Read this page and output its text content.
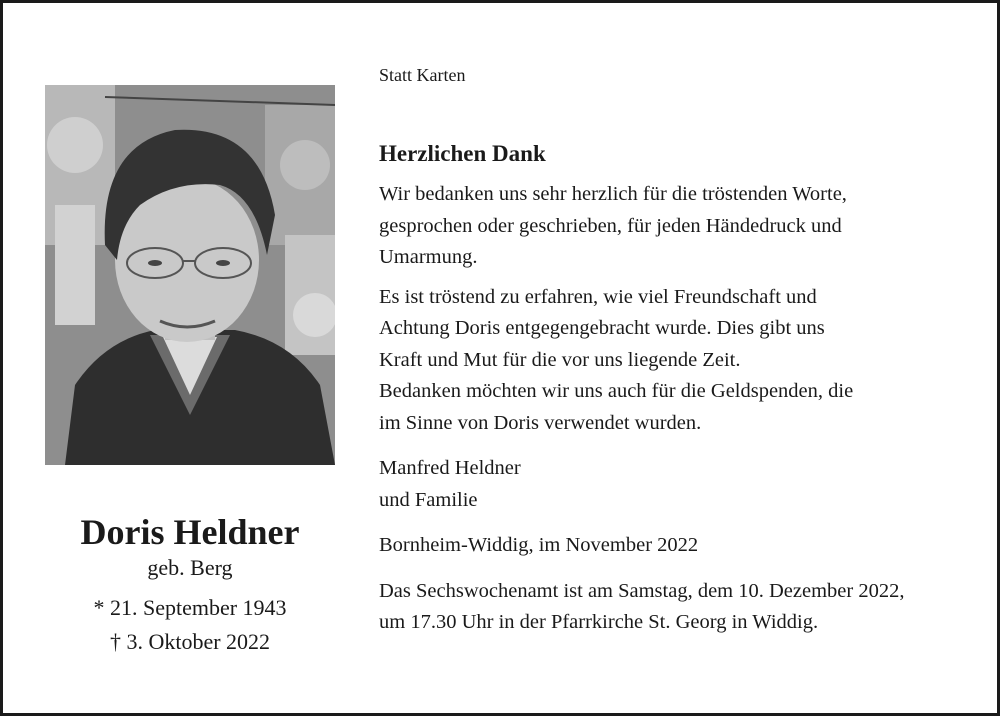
Doris Heldner
geb. Berg
* 21. September 1943
† 3. Oktober 2022

Statt Karten

Herzlichen Dank

Wir bedanken uns sehr herzlich für die tröstenden Worte,
gesprochen oder geschrieben, für jeden Händedruck und
Umarmung.

Es ist tröstend zu erfahren, wie viel Freundschaft und
Achtung Doris entgegengebracht wurde. Dies gibt uns
Kraft und Mut für die vor uns liegende Zeit.
Bedanken möchten wir uns auch für die Geldspenden, die
im Sinne von Doris verwendet wurden.

Manfred Heldner
und Familie

Bornheim-Widdig, im November 2022

Das Sechswochenamt ist am Samstag, dem 10. Dezember 2022,
um 17.30 Uhr in der Pfarrkirche St. Georg in Widdig.
